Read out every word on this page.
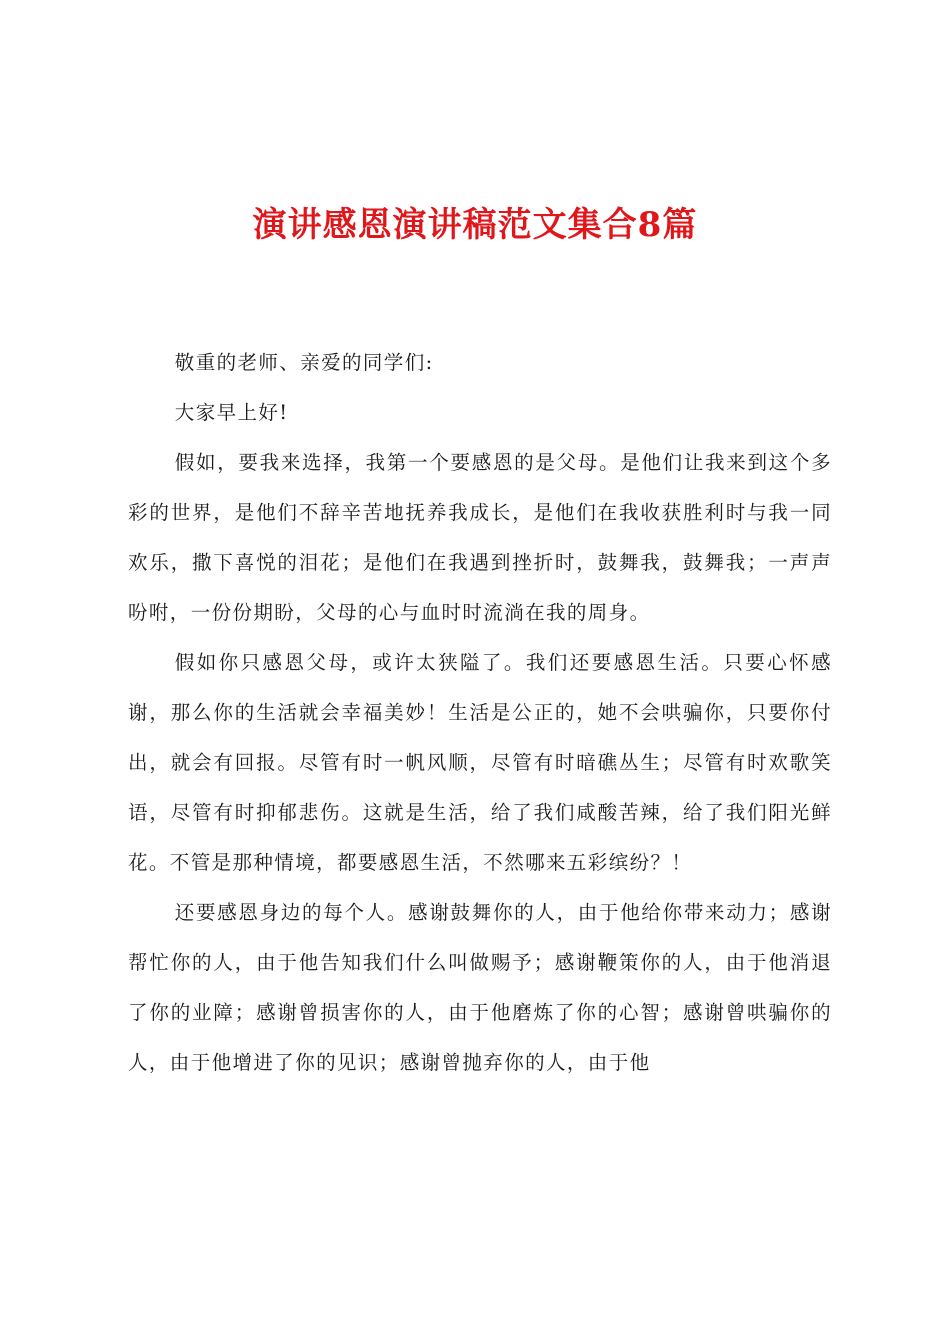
演讲感恩演讲稿范文集合8篇

敬重的老师、亲爱的同学们:

大家早上好!

假如，要我来选择，我第一个要感恩的是父母。是他们让我来到这个多彩的世界，是他们不辞辛苦地抚养我成长，是他们在我收获胜利时与我一同欢乐，撒下喜悦的泪花；是他们在我遇到挫折时，鼓舞我，鼓舞我；一声声吩咐，一份份期盼，父母的心与血时时流淌在我的周身。

假如你只感恩父母，或许太狭隘了。我们还要感恩生活。只要心怀感谢，那么你的生活就会幸福美妙！生活是公正的，她不会哄骗你，只要你付出，就会有回报。尽管有时一帆风顺，尽管有时暗礁丛生；尽管有时欢歌笑语，尽管有时抑郁悲伤。这就是生活，给了我们咸酸苦辣，给了我们阳光鲜花。不管是那种情境，都要感恩生活，不然哪来五彩缤纷？！

还要感恩身边的每个人。感谢鼓舞你的人，由于他给你带来动力；感谢帮忙你的人，由于他告知我们什么叫做赐予；感谢鞭策你的人，由于他消退了你的业障；感谢曾损害你的人，由于他磨炼了你的心智；感谢曾哄骗你的人，由于他增进了你的见识；感谢曾抛弃你的人，由于他
